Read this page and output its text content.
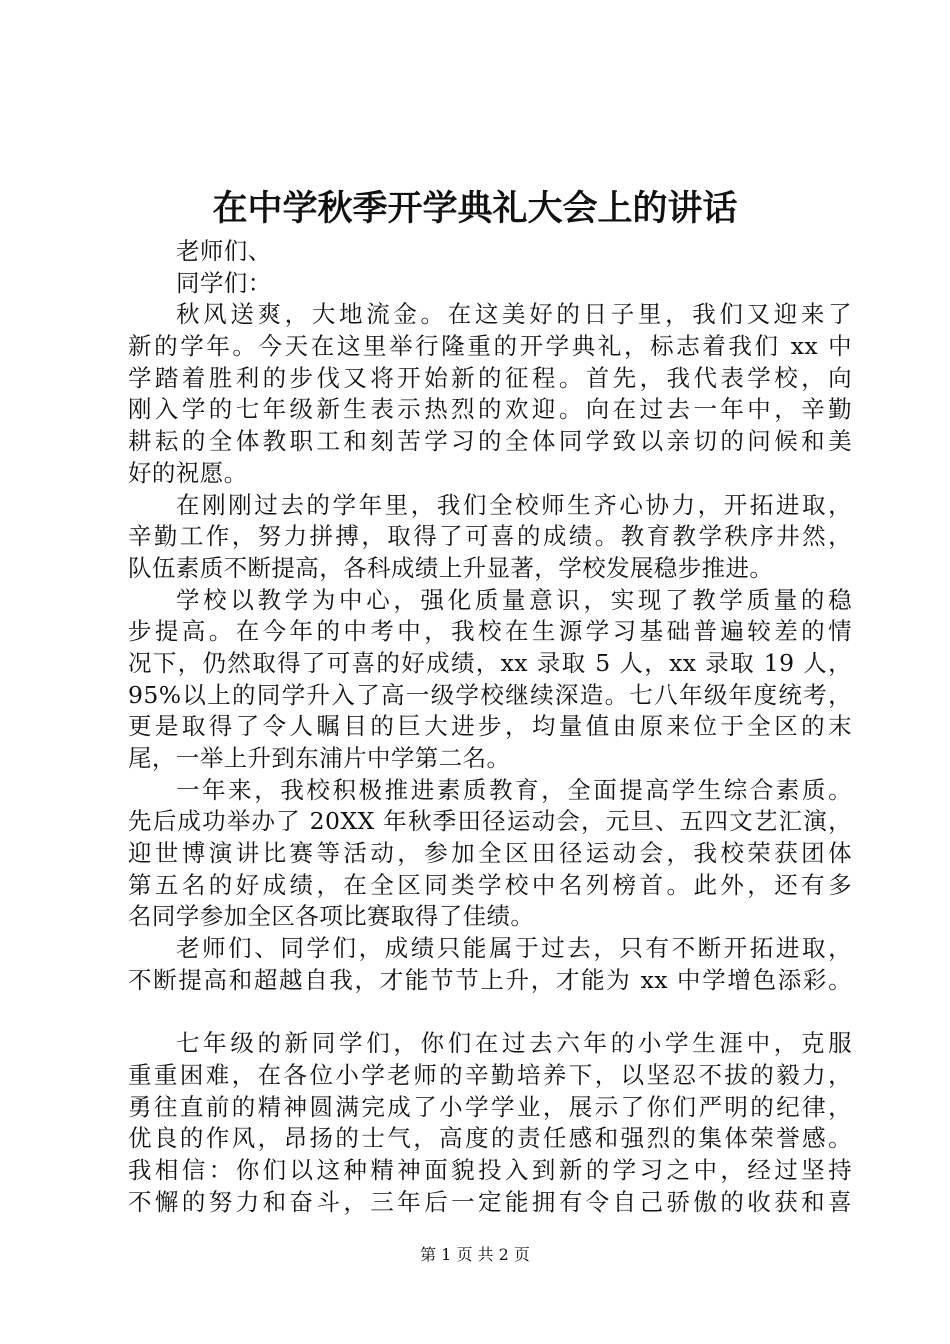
在中学秋季开学典礼大会上的讲话
老师们、
同学们：
秋风送爽，大地流金。在这美好的日子里，我们又迎来了
新的学年。今天在这里举行隆重的开学典礼，标志着我们 xx 中
学踏着胜利的步伐又将开始新的征程。首先，我代表学校，向
刚入学的七年级新生表示热烈的欢迎。向在过去一年中，辛勤
耕耘的全体教职工和刻苦学习的全体同学致以亲切的问候和美
好的祝愿。
在刚刚过去的学年里，我们全校师生齐心协力，开拓进取，
辛勤工作，努力拼搏，取得了可喜的成绩。教育教学秩序井然，
队伍素质不断提高，各科成绩上升显著，学校发展稳步推进。
学校以教学为中心，强化质量意识，实现了教学质量的稳
步提高。在今年的中考中，我校在生源学习基础普遍较差的情
况下，仍然取得了可喜的好成绩，xx 录取 5 人，xx 录取 19 人，
95%以上的同学升入了高一级学校继续深造。七八年级年度统考，
更是取得了令人瞩目的巨大进步，均量值由原来位于全区的末
尾，一举上升到东浦片中学第二名。
一年来，我校积极推进素质教育，全面提高学生综合素质。
先后成功举办了 20XX 年秋季田径运动会，元旦、五四文艺汇演，
迎世博演讲比赛等活动，参加全区田径运动会，我校荣获团体
第五名的好成绩，在全区同类学校中名列榜首。此外，还有多
名同学参加全区各项比赛取得了佳绩。
老师们、同学们，成绩只能属于过去，只有不断开拓进取，
不断提高和超越自我，才能节节上升，才能为 xx 中学增色添彩。
七年级的新同学们，你们在过去六年的小学生涯中，克服
重重困难，在各位小学老师的辛勤培养下，以坚忍不拔的毅力，
勇往直前的精神圆满完成了小学学业，展示了你们严明的纪律，
优良的作风，昂扬的士气，高度的责任感和强烈的集体荣誉感。
我相信：你们以这种精神面貌投入到新的学习之中，经过坚持
不懈的努力和奋斗，三年后一定能拥有令自己骄傲的收获和喜
第 1 页 共 2 页
